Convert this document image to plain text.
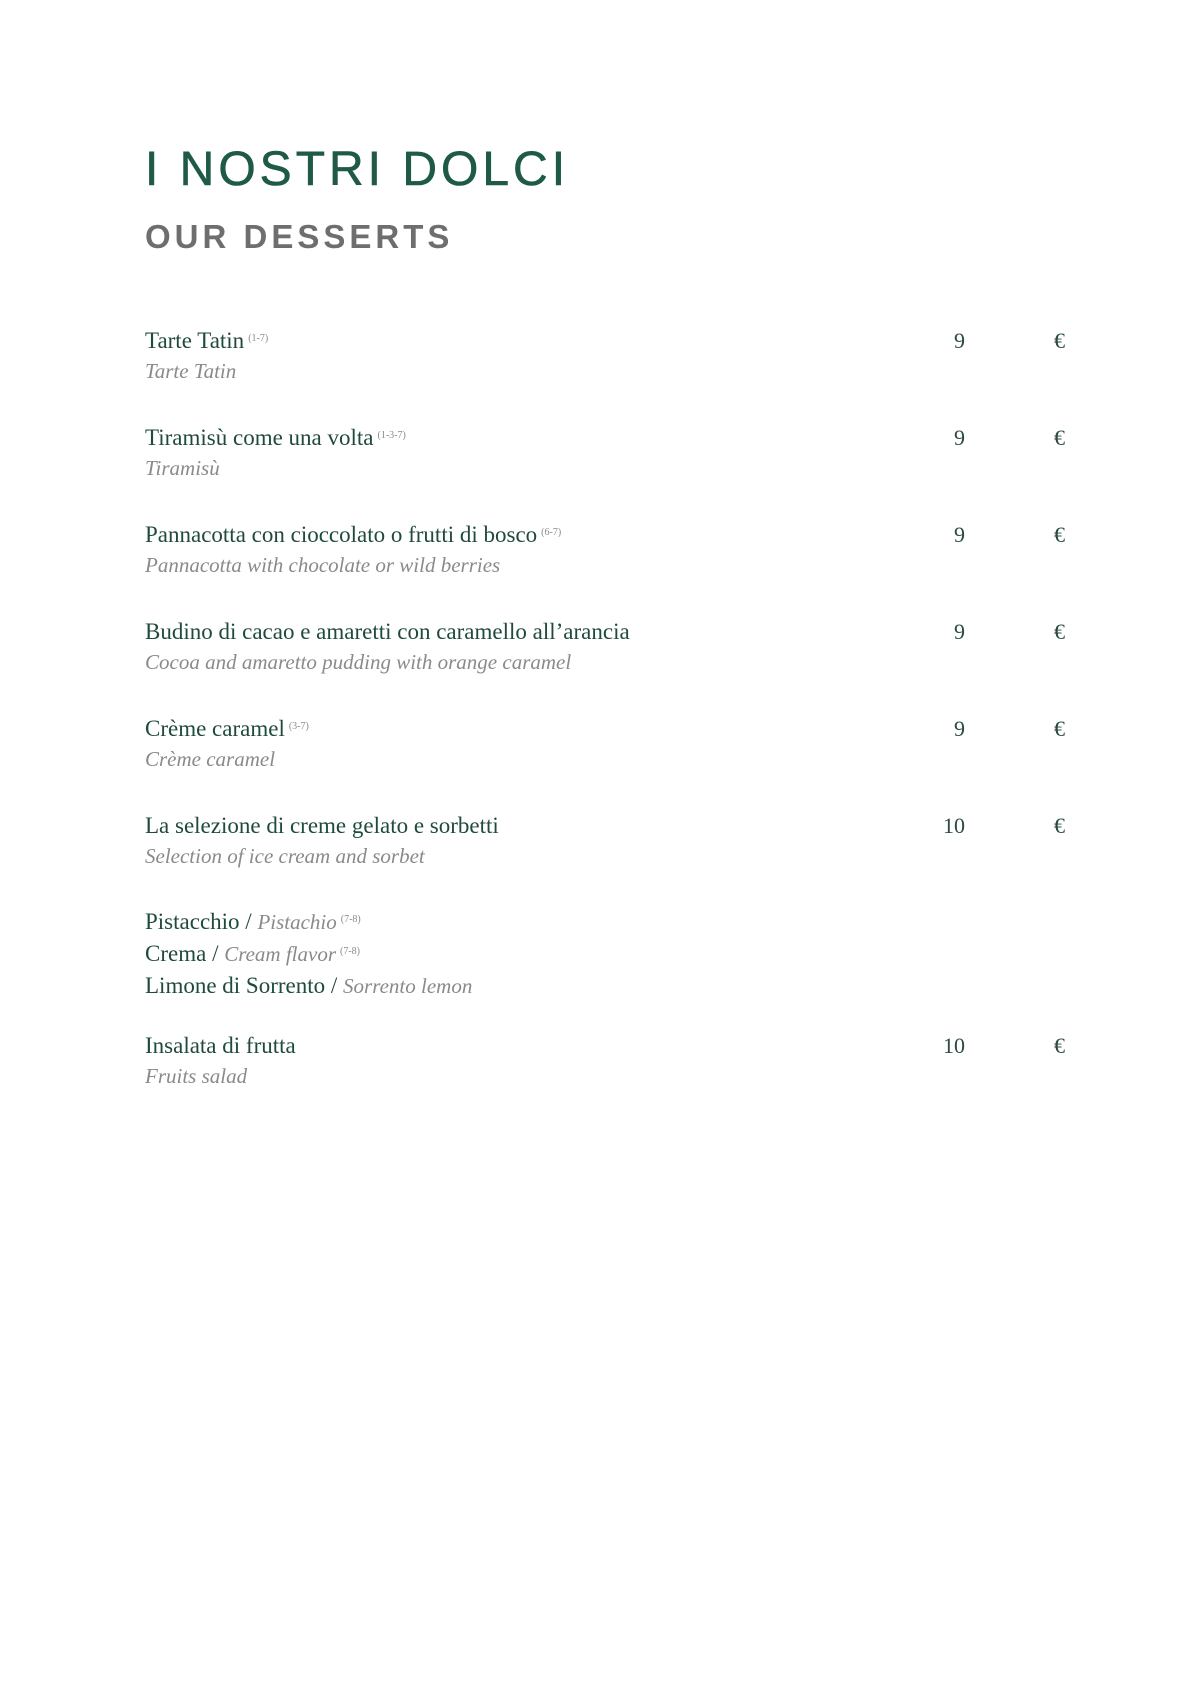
I NOSTRI DOLCI
OUR DESSERTS
Tarte Tatin $^{(1-7)}$
Tarte Tatin
9	€
Tiramisù come una volta $^{(1-3-7)}$
Tiramisù
9	€
Pannacotta con cioccolato o frutti di bosco $^{(6-7)}$
Pannacotta with chocolate or wild berries
9	€
Budino di cacao e amaretti con caramello all’arancia
Cocoa and amaretto pudding with orange caramel
9	€
Crème caramel $^{(3-7)}$
Crème caramel
9	€
La selezione di creme gelato e sorbetti
Selection of ice cream and sorbet
10	€
Pistacchio / Pistachio $^{(7-8)}$
Crema / Cream flavor $^{(7-8)}$
Limone di Sorrento / Sorrento lemon
Insalata di frutta
Fruits salad
10	€
